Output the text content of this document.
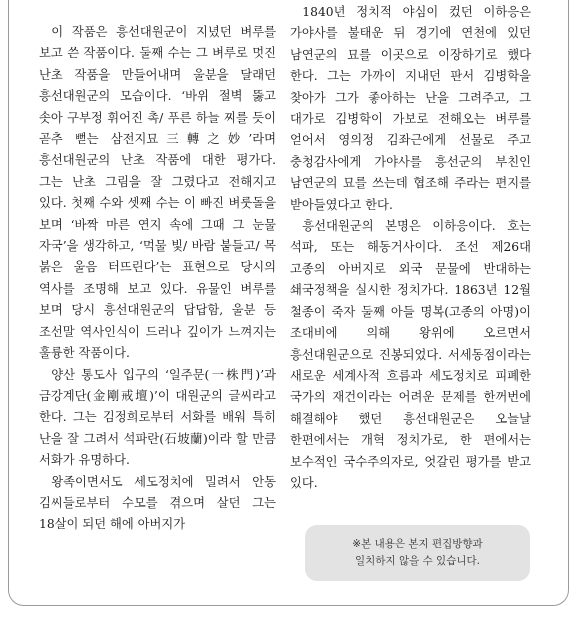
이 작품은 흥선대원군이 지녔던 벼루를 보고 쓴 작품이다. 둘째 수는 그 벼루로 멋진 난초 작품을 만들어내며 울분을 달래던 흥선대원군의 모습이다. ‘바위 절벽 뚫고 솟아 구부정 휘어진 촉/ 푸른 하늘 찌를 듯이 곧추 뻗는 삼전지묘三轉之妙’라며 흥선대원군의 난초 작품에 대한 평가다. 그는 난초 그림을 잘 그렸다고 전해지고 있다. 첫째 수와 셋째 수는 이 빠진 벼룻돌을 보며 ‘바짝 마른 연지 속에 그때 그 눈물 자국’을 생각하고, ‘먹물 빛/ 바람 붙들고/ 목 붉은 울음 터뜨린다’는 표현으로 당시의 역사를 조명해 보고 있다. 유물인 벼루를 보며 당시 흥선대원군의 답답함, 울분 등 조선말 역사인식이 드러나 깊이가 느껴지는 훌륭한 작품이다.

양산 통도사 입구의 ‘일주문(一株門)’과 금강계단(金剛戒壇)’이 대원군의 글씨라고 한다. 그는 김정희로부터 서화를 배워 특히 난을 잘 그려서 석파란(石坡蘭)이라 할 만큼 서화가 유명하다.

왕족이면서도 세도정치에 밀려서 안동 김씨들로부터 수모를 겪으며 살던 그는 18살이 되던 해에 아버지가

1840년 정치적 야심이 컸던 이하응은 가야사를 불태운 뒤 경기에 연천에 있던 남연군의 묘를 이곳으로 이장하기로 했다 한다. 그는 가까이 지내던 판서 김병학을 찾아가 그가 좋아하는 난을 그려주고, 그 대가로 김병학이 가보로 전해오는 벼루를 얻어서 영의정 김좌근에게 선물로 주고 충청감사에게 가야사를 흥선군의 부친인 남연군의 묘를 쓰는데 협조해 주라는 편지를 받아들였다고 한다.

흥선대원군의 본명은 이하응이다. 호는 석파, 또는 해동거사이다. 조선 제26대 고종의 아버지로 외국 문물에 반대하는 쇄국정책을 실시한 정치가다. 1863년 12월 철종이 죽자 둘째 아들 명복(고종의 아명)이 조대비에 의해 왕위에 오르면서 흥선대원군으로 진봉되었다. 서세동점이라는 새로운 세계사적 흐름과 세도정치로 피폐한 국가의 재건이라는 어려운 문제를 한꺼번에 해결해야 했던 흥선대원군은 오늘날 한편에서는 개혁 정치가로, 한 편에서는 보수적인 국수주의자로, 엇갈린 평가를 받고 있다.

※본 내용은 본지 편집방향과
일치하지 않을 수 있습니다.
